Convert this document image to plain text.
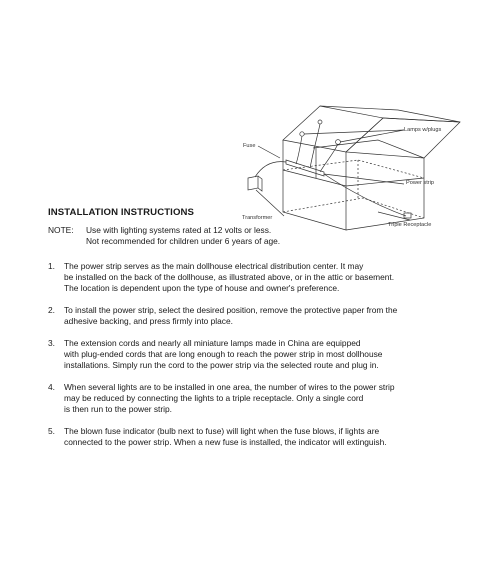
Fuse
Lamps w/plugs
Power strip
Transformer
Triple Receptacle
INSTALLATION INSTRUCTIONS
NOTE:	Use with lighting systems rated at 12 volts or less.
Not recommended for children under 6 years of age.
1.	The power strip serves as the main dollhouse electrical distribution center. It may
be installed on the back of the dollhouse, as illustrated above, or in the attic or basement.
The location is dependent upon the type of house and owner's preference.
2.	To install the power strip, select the desired position, remove the protective paper from the
adhesive backing, and press firmly into place.
3.	The extension cords and nearly all miniature lamps made in China are equipped
with plug-ended cords that are long enough to reach the power strip in most dollhouse
installations. Simply run the cord to the power strip via the selected route and plug in.
4.	When several lights are to be installed in one area, the number of wires to the power strip
may be reduced by connecting the lights to a triple receptacle. Only a single cord
is then run to the power strip.
5.	The blown fuse indicator (bulb next to fuse) will light when the fuse blows, if lights are
connected to the power strip. When a new fuse is installed, the indicator will extinguish.
